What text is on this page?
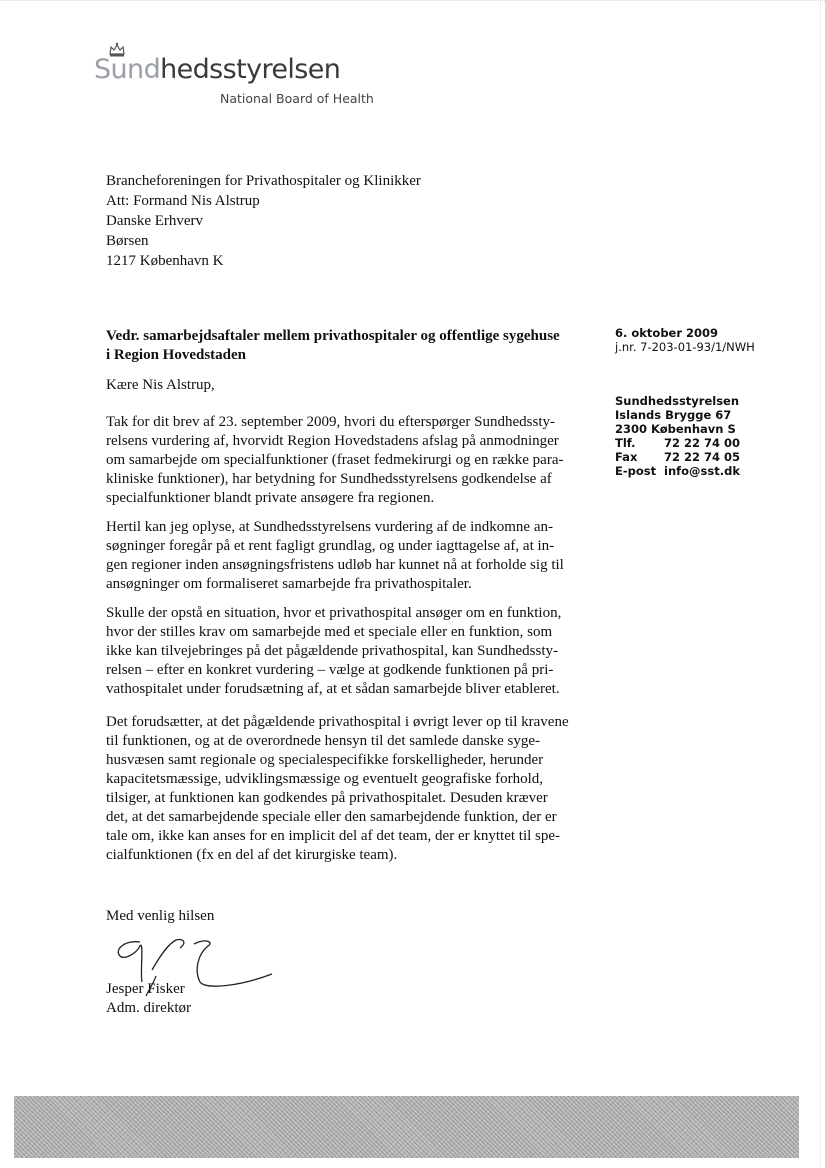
Sundhedsstyrelsen
National Board of Health
Brancheforeningen for Privathospitaler og Klinikker
Att: Formand Nis Alstrup
Danske Erhverv
Børsen
1217 København K
Vedr. samarbejdsaftaler mellem privathospitaler og offentlige sygehuse
i Region Hovedstaden
6. oktober 2009
j.nr. 7-203-01-93/1/NWH
Sundhedsstyrelsen
Islands Brygge 67
2300 København S
Tlf.	72 22 74 00
Fax	72 22 74 05
E-post info@sst.dk
Kære Nis Alstrup,
Tak for dit brev af 23. september 2009, hvori du efterspørger Sundhedssty-
relsens vurdering af, hvorvidt Region Hovedstadens afslag på anmodninger
om samarbejde om specialfunktioner (fraset fedmekirurgi og en række para-
kliniske funktioner), har betydning for Sundhedsstyrelsens godkendelse af
specialfunktioner blandt private ansøgere fra regionen.
Hertil kan jeg oplyse, at Sundhedsstyrelsens vurdering af de indkomne an-
søgninger foregår på et rent fagligt grundlag, og under iagttagelse af, at in-
gen regioner inden ansøgningsfristens udløb har kunnet nå at forholde sig til
ansøgninger om formaliseret samarbejde fra privathospitaler.
Skulle der opstå en situation, hvor et privathospital ansøger om en funktion,
hvor der stilles krav om samarbejde med et speciale eller en funktion, som
ikke kan tilvejebringes på det pågældende privathospital, kan Sundhedssty-
relsen – efter en konkret vurdering – vælge at godkende funktionen på pri-
vathospitalet under forudsætning af, at et sådan samarbejde bliver etableret.
Det forudsætter, at det pågældende privathospital i øvrigt lever op til kravene
til funktionen, og at de overordnede hensyn til det samlede danske syge-
husvæsen samt regionale og specialespecifikke forskelligheder, herunder
kapacitetsmæssige, udviklingsmæssige og eventuelt geografiske forhold,
tilsiger, at funktionen kan godkendes på privathospitalet. Desuden kræver
det, at det samarbejdende speciale eller den samarbejdende funktion, der er
tale om, ikke kan anses for en implicit del af det team, der er knyttet til spe-
cialfunktionen (fx en del af det kirurgiske team).
Med venlig hilsen
Jesper Fisker
Adm. direktør
